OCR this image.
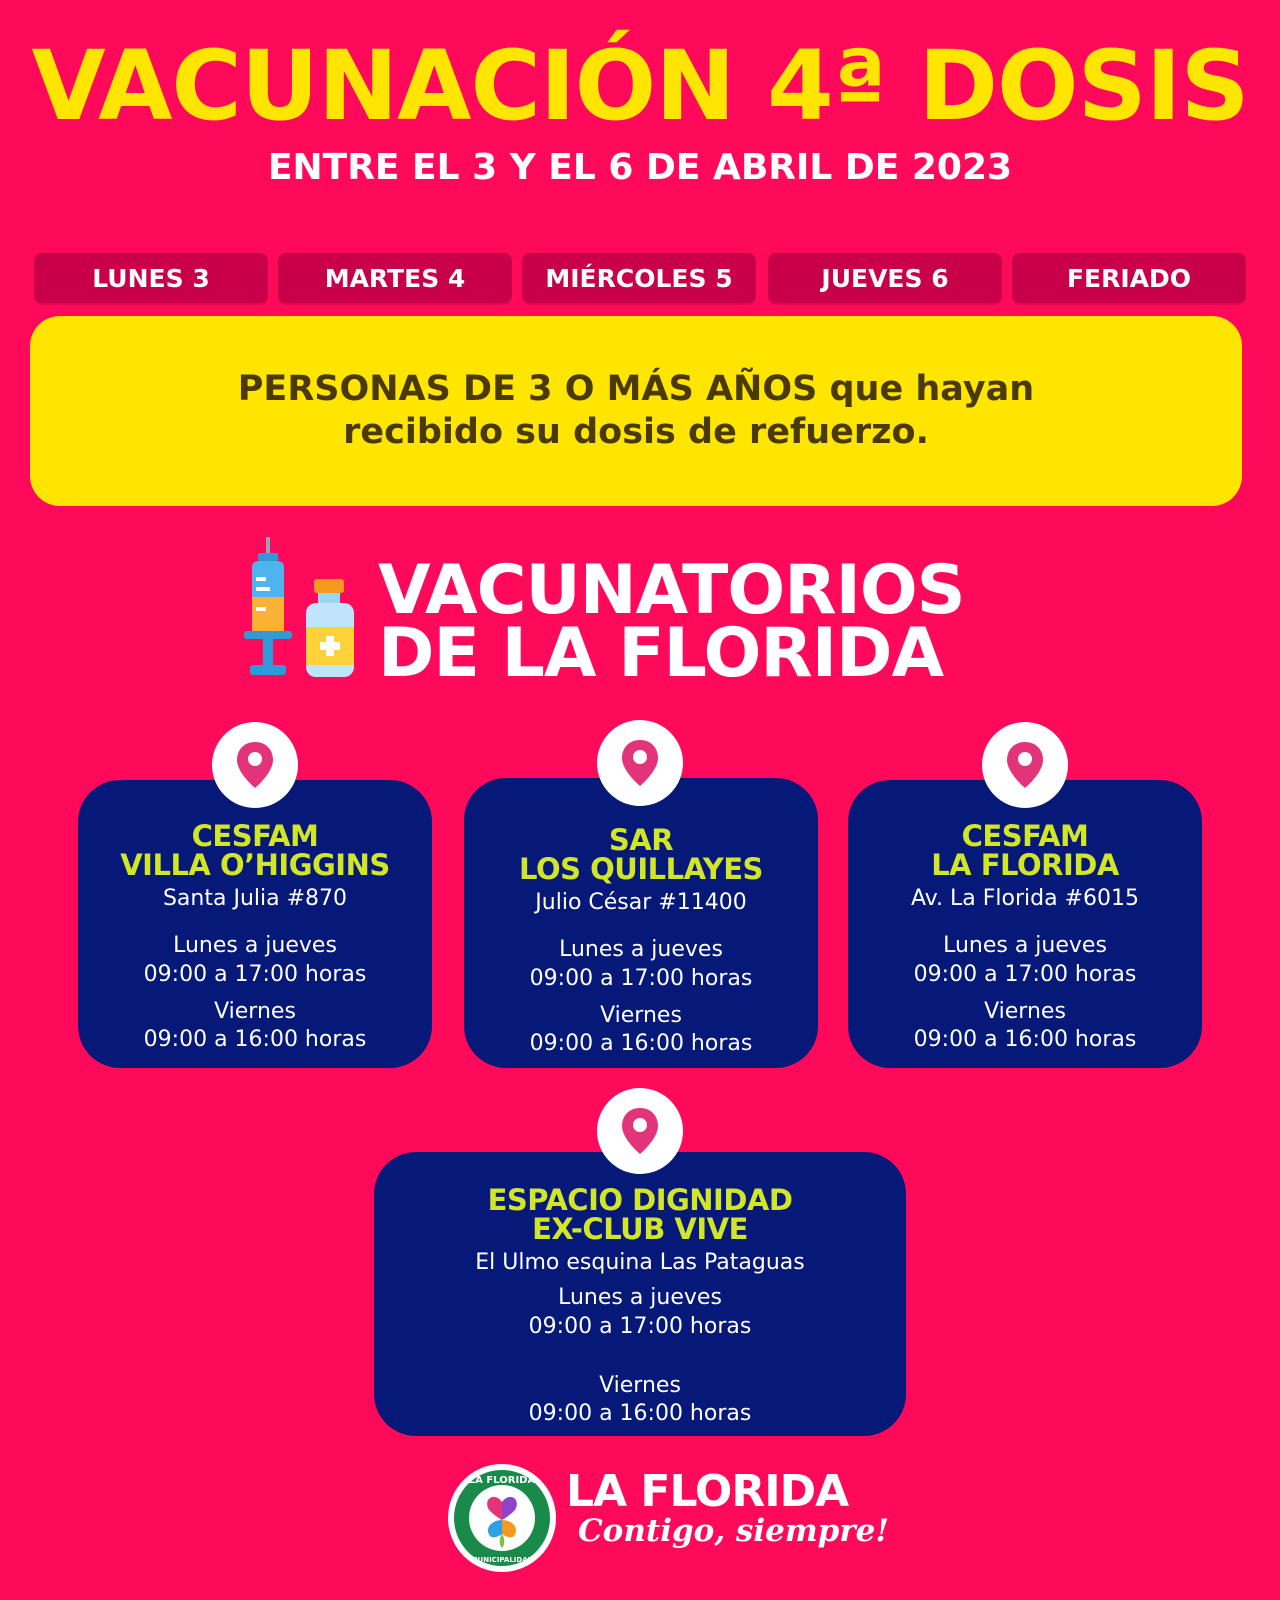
VACUNACIÓN 4ª DOSIS
ENTRE EL 3 Y EL 6 DE ABRIL DE 2023
LUNES 3	MARTES 4	MIÉRCOLES 5	JUEVES 6	FERIADO
PERSONAS DE 3 O MÁS AÑOS que hayan recibido su dosis de refuerzo.
VACUNATORIOS
DE LA FLORIDA
CESFAM
VILLA O’HIGGINS
Santa Julia #870
Lunes a jueves
09:00 a 17:00 horas
Viernes
09:00 a 16:00 horas
SAR
LOS QUILLAYES
Julio César #11400
Lunes a jueves
09:00 a 17:00 horas
Viernes
09:00 a 16:00 horas
CESFAM
LA FLORIDA
Av. La Florida #6015
Lunes a jueves
09:00 a 17:00 horas
Viernes
09:00 a 16:00 horas
ESPACIO DIGNIDAD
EX-CLUB VIVE
El Ulmo esquina Las Pataguas
Lunes a jueves
09:00 a 17:00 horas
Viernes
09:00 a 16:00 horas
LA FLORIDA
MUNICIPALIDAD
LA FLORIDA
Contigo, siempre!
